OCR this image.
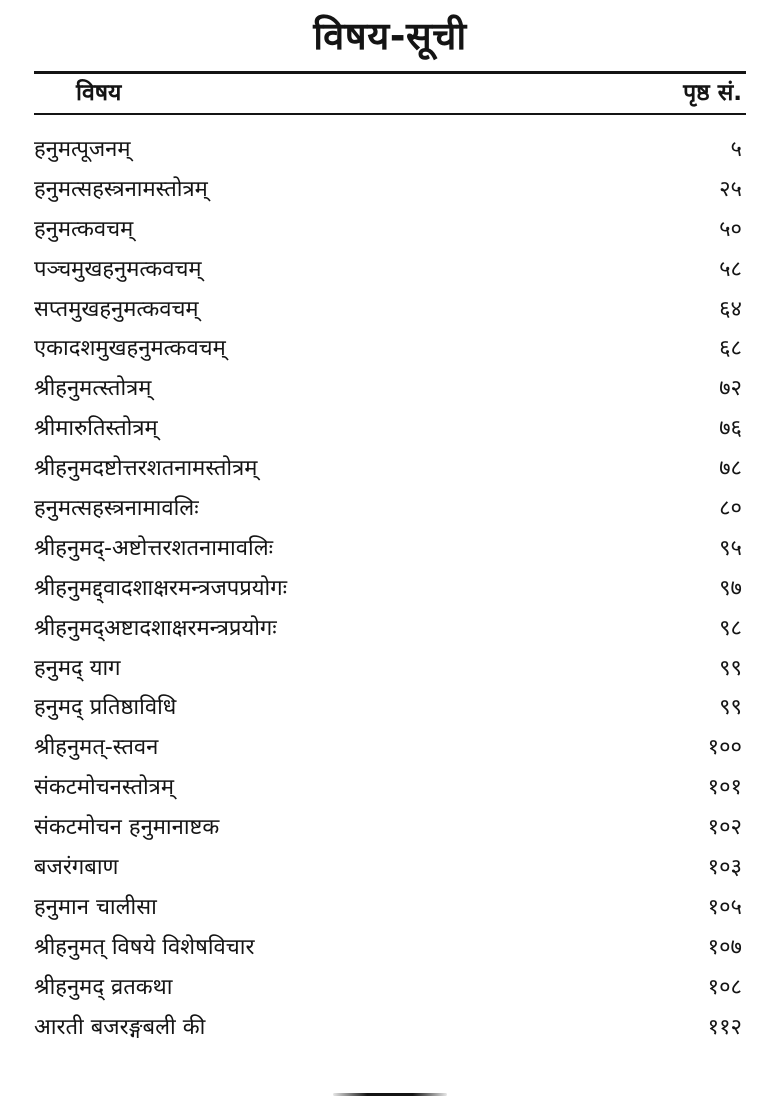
विषय-सूची
विषय	पृष्ठ सं.
हनुमत्पूजनम्	५
हनुमत्सहस्त्रनामस्तोत्रम्	२५
हनुमत्कवचम्	५०
पञ्चमुखहनुमत्कवचम्	५८
सप्तमुखहनुमत्कवचम्	६४
एकादशमुखहनुमत्कवचम्	६८
श्रीहनुमत्स्तोत्रम्	७२
श्रीमारुतिस्तोत्रम्	७६
श्रीहनुमदष्टोत्तरशतनामस्तोत्रम्	७८
हनुमत्सहस्त्रनामावलिः	८०
श्रीहनुमद्-अष्टोत्तरशतनामावलिः	९५
श्रीहनुमद्द्वादशाक्षरमन्त्रजपप्रयोगः	९७
श्रीहनुमद्अष्टादशाक्षरमन्त्रप्रयोगः	९८
हनुमद् याग	९९
हनुमद् प्रतिष्ठाविधि	९९
श्रीहनुमत्-स्तवन	१००
संकटमोचनस्तोत्रम्	१०१
संकटमोचन हनुमानाष्टक	१०२
बजरंगबाण	१०३
हनुमान चालीसा	१०५
श्रीहनुमत् विषये विशेषविचार	१०७
श्रीहनुमद् व्रतकथा	१०८
आरती बजरङ्गबली की	११२
